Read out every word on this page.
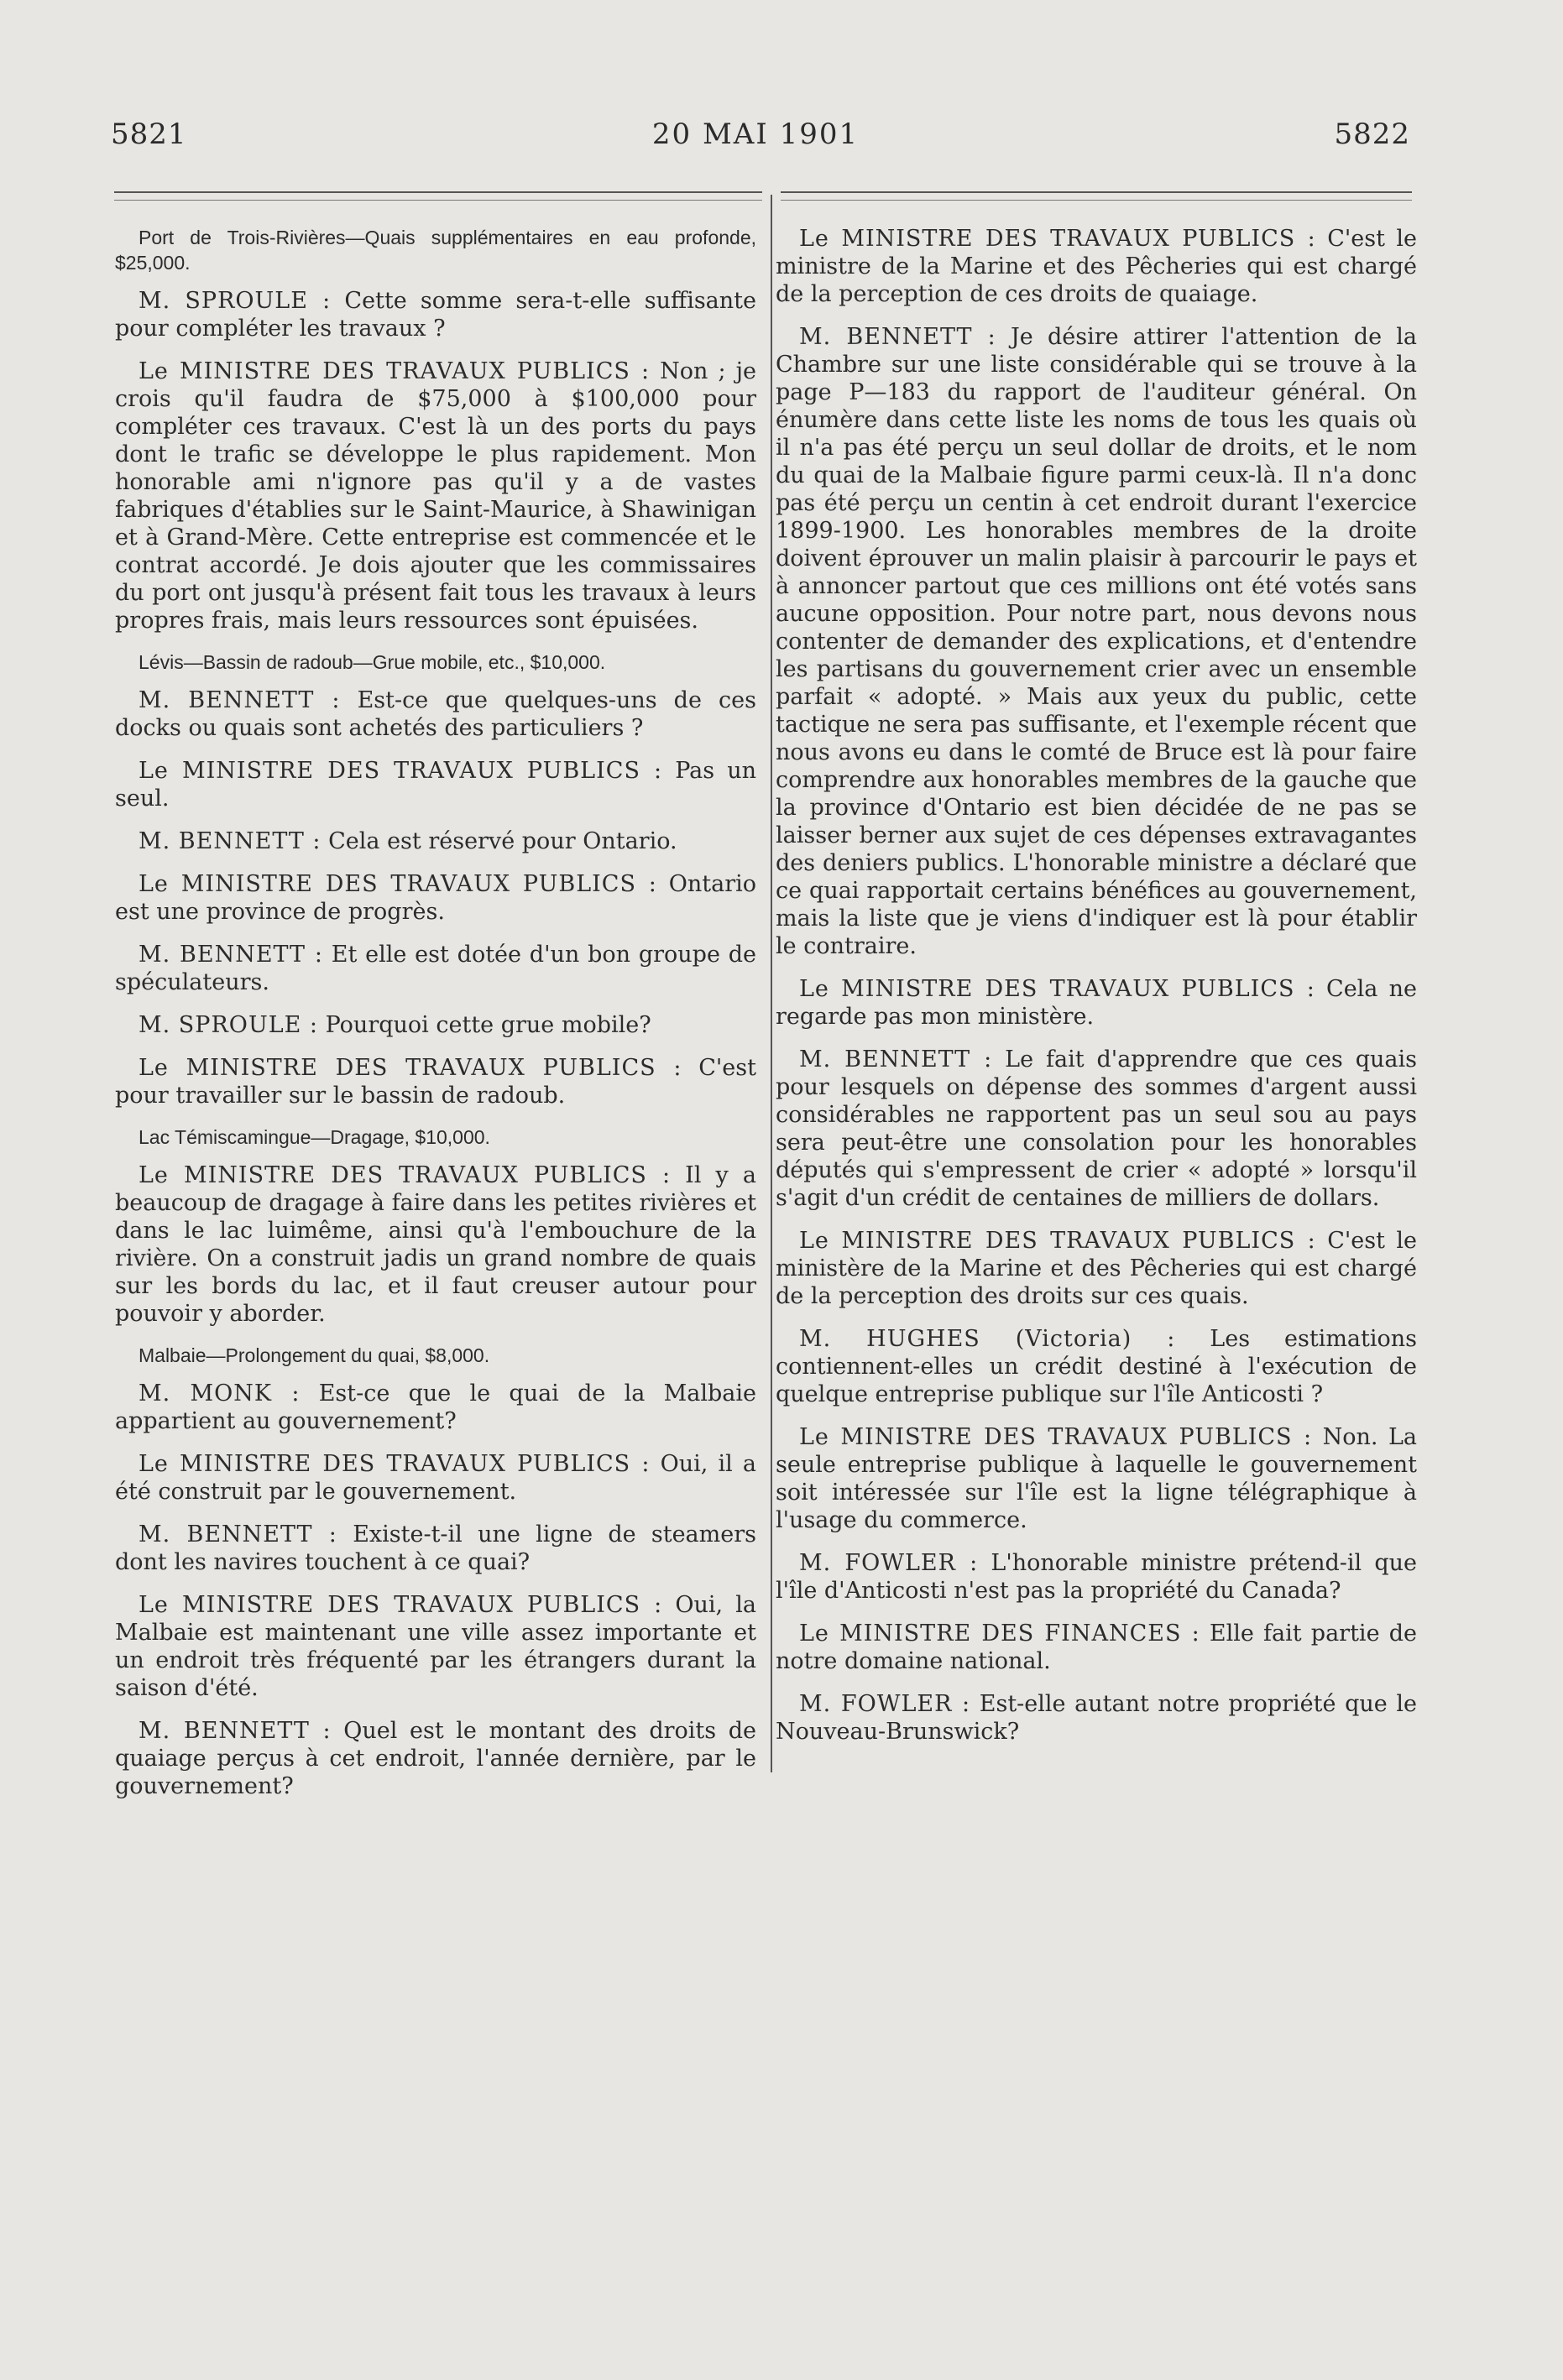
5821	20 MAI 1901	5822

Port de Trois-Rivières—Quais supplémentaires en eau profonde, $25,000.

M. SPROULE : Cette somme sera-t-elle suffisante pour compléter les travaux ?

Le MINISTRE DES TRAVAUX PUBLICS : Non ; je crois qu'il faudra de $75,000 à $100,000 pour compléter ces travaux. C'est là un des ports du pays dont le trafic se développe le plus rapidement. Mon honorable ami n'ignore pas qu'il y a de vastes fabriques d'établies sur le Saint-Maurice, à Shawinigan et à Grand-Mère. Cette entreprise est commencée et le contrat accordé. Je dois ajouter que les commissaires du port ont jusqu'à présent fait tous les travaux à leurs propres frais, mais leurs ressources sont épuisées.

Lévis—Bassin de radoub—Grue mobile, etc., $10,000.

M. BENNETT : Est-ce que quelques-uns de ces docks ou quais sont achetés des particuliers ?

Le MINISTRE DES TRAVAUX PUBLICS : Pas un seul.

M. BENNETT : Cela est réservé pour Ontario.

Le MINISTRE DES TRAVAUX PUBLICS : Ontario est une province de progrès.

M. BENNETT : Et elle est dotée d'un bon groupe de spéculateurs.

M. SPROULE : Pourquoi cette grue mobile?

Le MINISTRE DES TRAVAUX PUBLICS : C'est pour travailler sur le bassin de radoub.

Lac Témiscamingue—Dragage, $10,000.

Le MINISTRE DES TRAVAUX PUBLICS : Il y a beaucoup de dragage à faire dans les petites rivières et dans le lac luimême, ainsi qu'à l'embouchure de la rivière. On a construit jadis un grand nombre de quais sur les bords du lac, et il faut creuser autour pour pouvoir y aborder.

Malbaie—Prolongement du quai, $8,000.

M. MONK : Est-ce que le quai de la Malbaie appartient au gouvernement?

Le MINISTRE DES TRAVAUX PUBLICS : Oui, il a été construit par le gouvernement.

M. BENNETT : Existe-t-il une ligne de steamers dont les navires touchent à ce quai?

Le MINISTRE DES TRAVAUX PUBLICS : Oui, la Malbaie est maintenant une ville assez importante et un endroit très fréquenté par les étrangers durant la saison d'été.

M. BENNETT : Quel est le montant des droits de quaiage perçus à cet endroit, l'année dernière, par le gouvernement?

Le MINISTRE DES TRAVAUX PUBLICS : C'est le ministre de la Marine et des Pêcheries qui est chargé de la perception de ces droits de quaiage.

M. BENNETT : Je désire attirer l'attention de la Chambre sur une liste considérable qui se trouve à la page P—183 du rapport de l'auditeur général. On énumère dans cette liste les noms de tous les quais où il n'a pas été perçu un seul dollar de droits, et le nom du quai de la Malbaie figure parmi ceux-là. Il n'a donc pas été perçu un centin à cet endroit durant l'exercice 1899-1900. Les honorables membres de la droite doivent éprouver un malin plaisir à parcourir le pays et à annoncer partout que ces millions ont été votés sans aucune opposition. Pour notre part, nous devons nous contenter de demander des explications, et d'entendre les partisans du gouvernement crier avec un ensemble parfait « adopté. » Mais aux yeux du public, cette tactique ne sera pas suffisante, et l'exemple récent que nous avons eu dans le comté de Bruce est là pour faire comprendre aux honorables membres de la gauche que la province d'Ontario est bien décidée de ne pas se laisser berner aux sujet de ces dépenses extravagantes des deniers publics. L'honorable ministre a déclaré que ce quai rapportait certains bénéfices au gouvernement, mais la liste que je viens d'indiquer est là pour établir le contraire.

Le MINISTRE DES TRAVAUX PUBLICS : Cela ne regarde pas mon ministère.

M. BENNETT : Le fait d'apprendre que ces quais pour lesquels on dépense des sommes d'argent aussi considérables ne rapportent pas un seul sou au pays sera peut-être une consolation pour les honorables députés qui s'empressent de crier « adopté » lorsqu'il s'agit d'un crédit de centaines de milliers de dollars.

Le MINISTRE DES TRAVAUX PUBLICS : C'est le ministère de la Marine et des Pêcheries qui est chargé de la perception des droits sur ces quais.

M. HUGHES (Victoria) : Les estimations contiennent-elles un crédit destiné à l'exécution de quelque entreprise publique sur l'île Anticosti ?

Le MINISTRE DES TRAVAUX PUBLICS : Non. La seule entreprise publique à laquelle le gouvernement soit intéressée sur l'île est la ligne télégraphique à l'usage du commerce.

M. FOWLER : L'honorable ministre prétend-il que l'île d'Anticosti n'est pas la propriété du Canada?

Le MINISTRE DES FINANCES : Elle fait partie de notre domaine national.

M. FOWLER : Est-elle autant notre propriété que le Nouveau-Brunswick?
